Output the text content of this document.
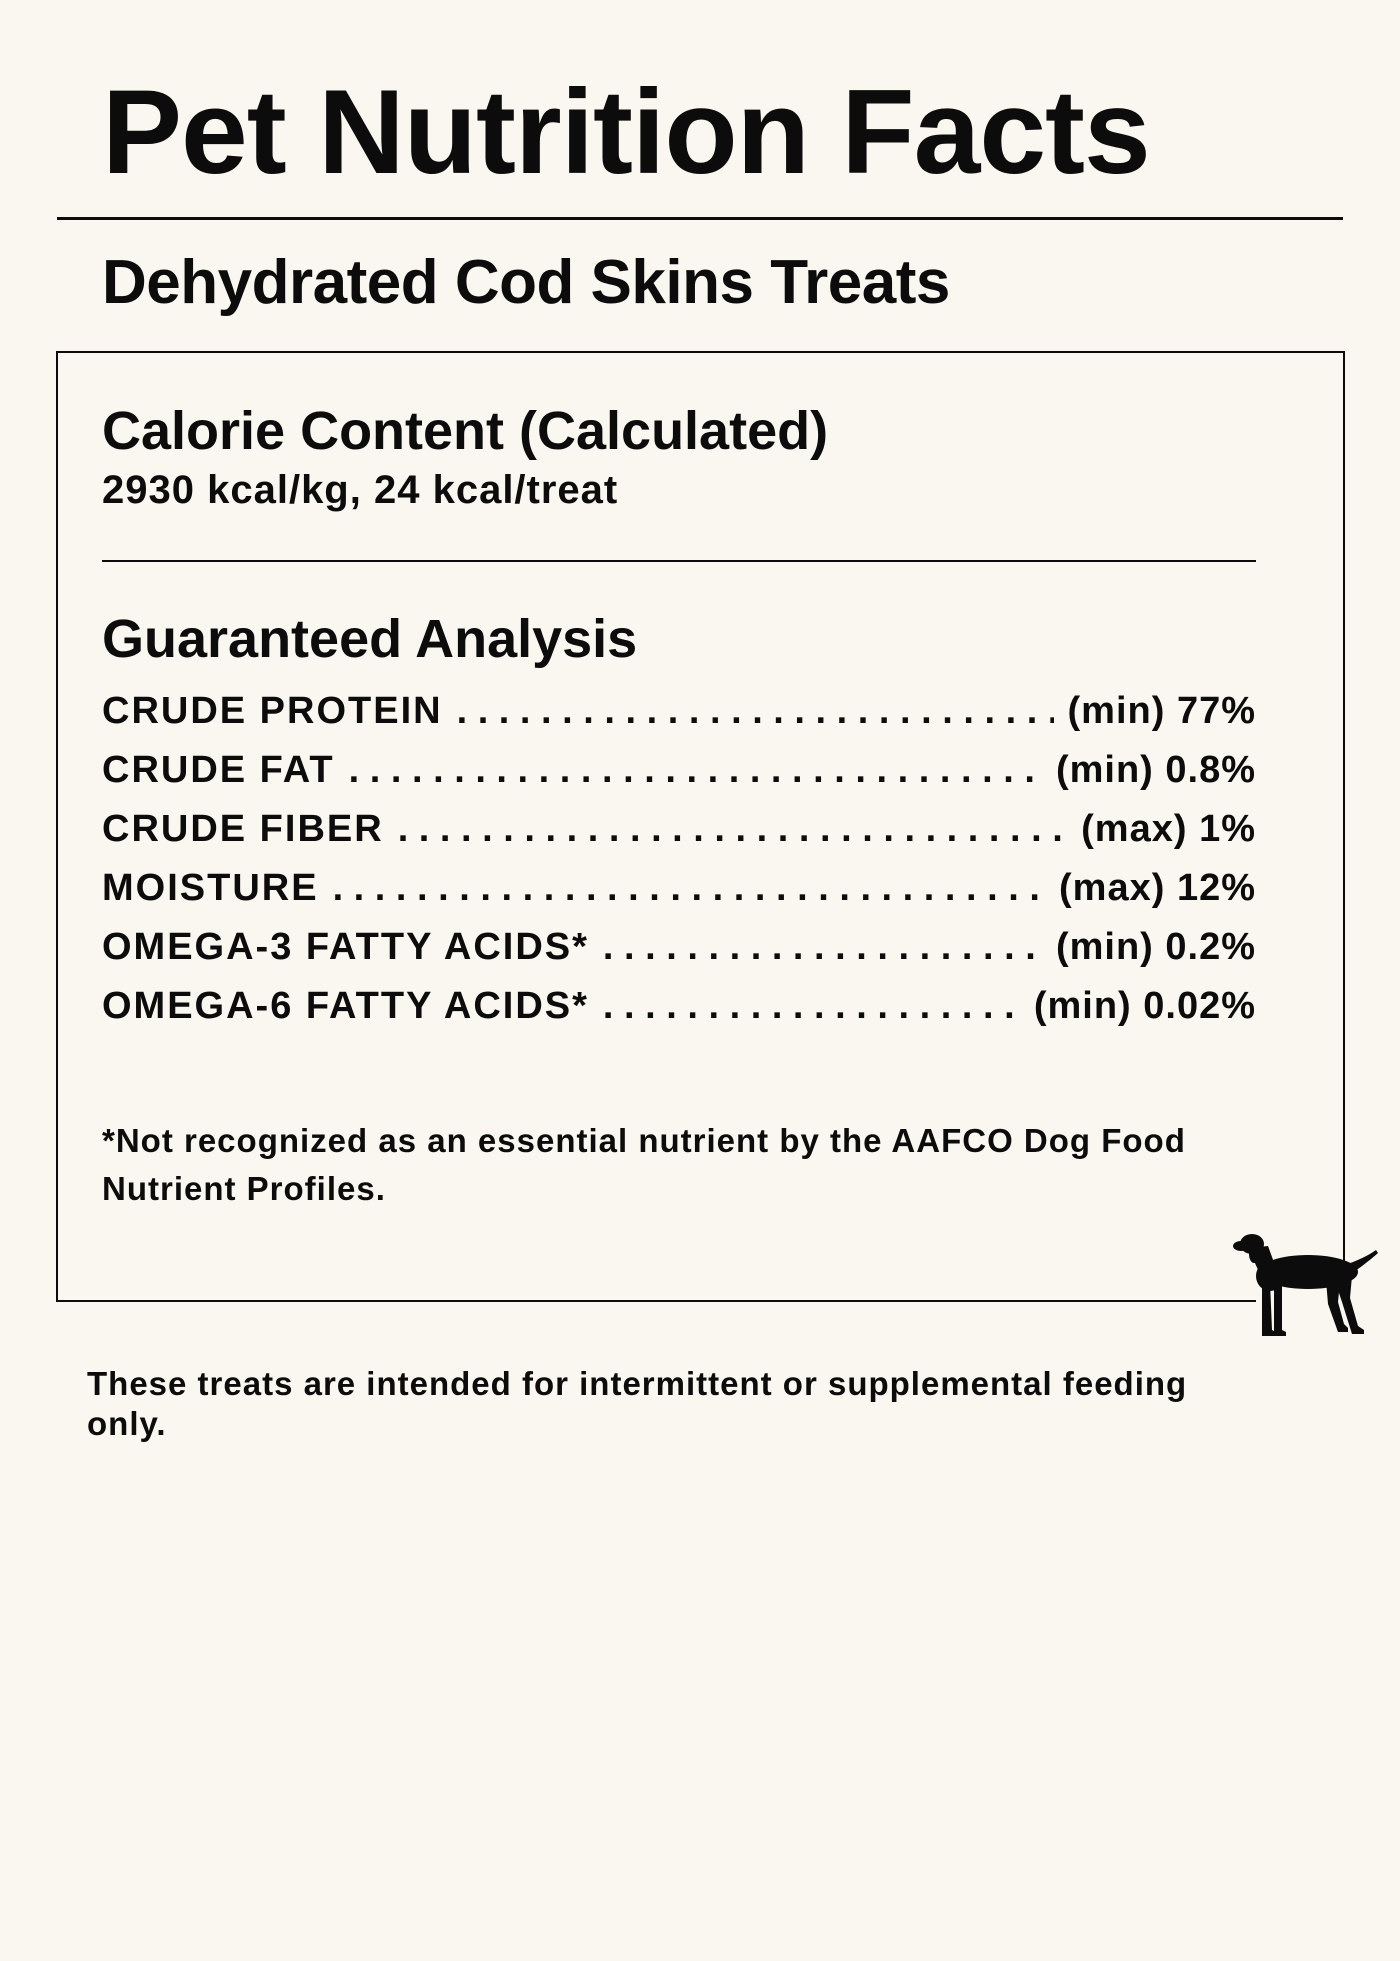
Pet Nutrition Facts
Dehydrated Cod Skins Treats
Calorie Content (Calculated)

2930 kcal/kg, 24 kcal/treat

Guaranteed Analysis
CRUDE PROTEIN . . .	(min) 77%
CRUDE FAT . . .	(min) 0.8%
CRUDE FIBER . . .	(max) 1%
MOISTURE . . .	(max) 12%
OMEGA-3 FATTY ACIDS* . . .	(min) 0.2%
OMEGA-6 FATTY ACIDS* . . .	(min) 0.02%

*Not recognized as an essential nutrient by the AAFCO Dog Food Nutrient Profiles.

These treats are intended for intermittent or supplemental feeding only.
